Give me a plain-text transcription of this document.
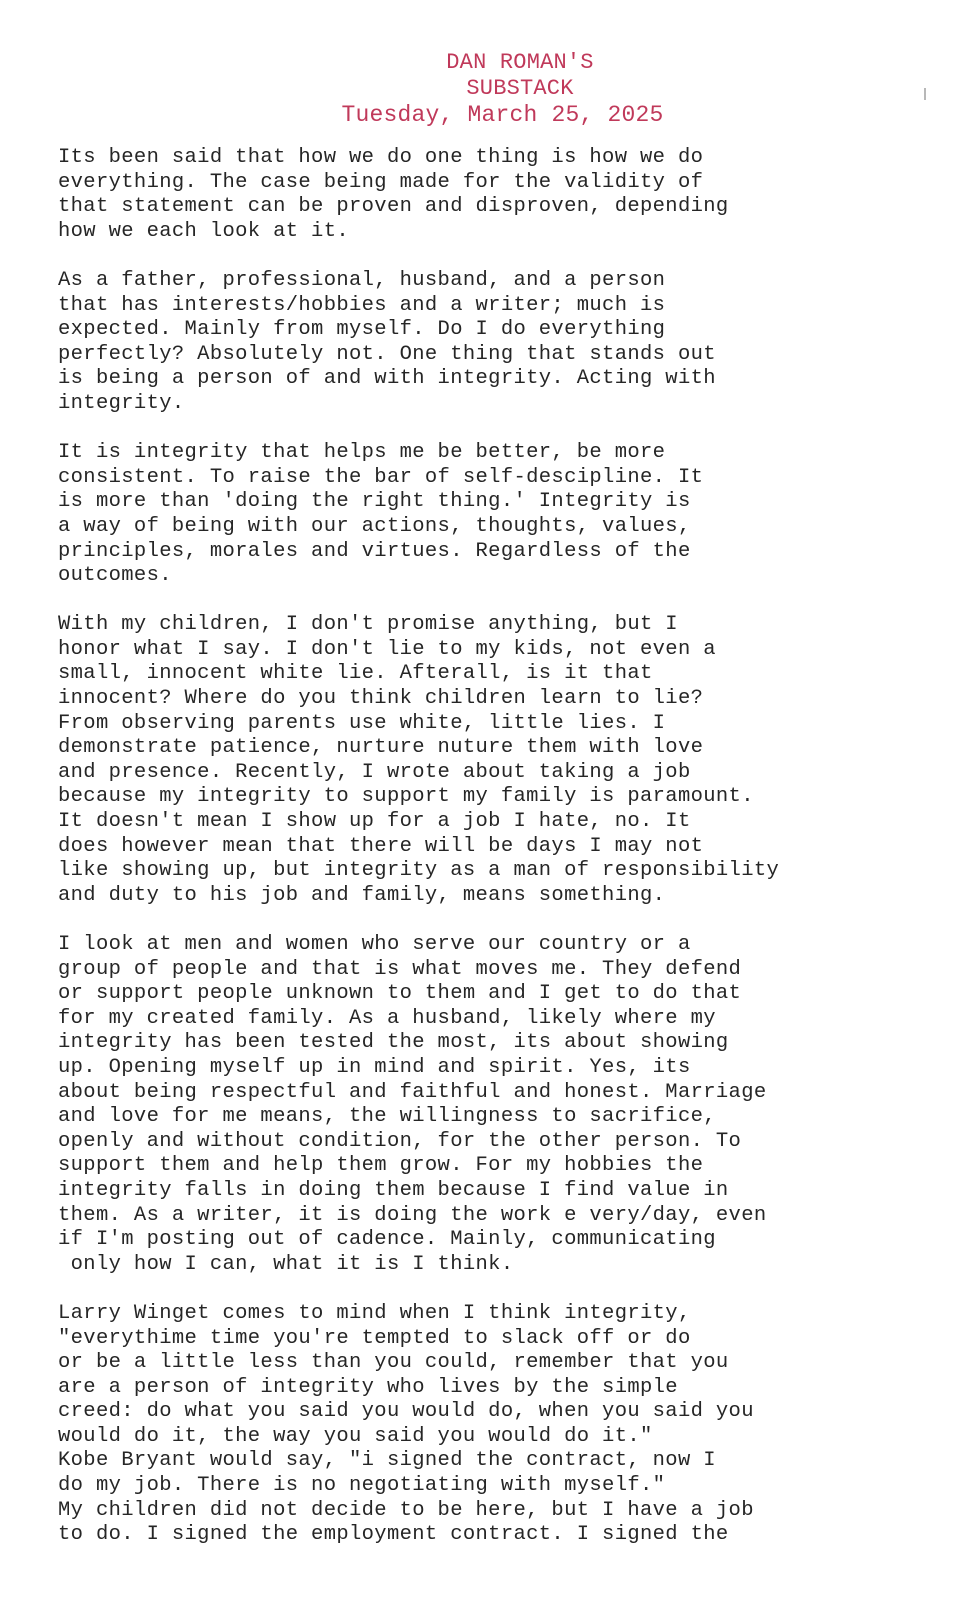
DAN ROMAN'S
SUBSTACK
Tuesday, March 25, 2025
Its been said that how we do one thing is how we do
everything. The case being made for the validity of
that statement can be proven and disproven, depending
how we each look at it.
As a father, professional, husband, and a person
that has interests/hobbies and a writer; much is
expected. Mainly from myself. Do I do everything
perfectly? Absolutely not. One thing that stands out
is being a person of and with integrity. Acting with
integrity.
It is integrity that helps me be better, be more
consistent. To raise the bar of self-descipline. It
is more than 'doing the right thing.' Integrity is
a way of being with our actions, thoughts, values,
principles, morales and virtues. Regardless of the
outcomes.
With my children, I don't promise anything, but I
honor what I say. I don't lie to my kids, not even a
small, innocent white lie. Afterall, is it that
innocent? Where do you think children learn to lie?
From observing parents use white, little lies. I
demonstrate patience, nurture nuture them with love
and presence. Recently, I wrote about taking a job
because my integrity to support my family is paramount.
It doesn't mean I show up for a job I hate, no. It
does however mean that there will be days I may not
like showing up, but integrity as a man of responsibility
and duty to his job and family, means something.
I look at men and women who serve our country or a
group of people and that is what moves me. They defend
or support people unknown to them and I get to do that
for my created family. As a husband, likely where my
integrity has been tested the most, its about showing
up. Opening myself up in mind and spirit. Yes, its
about being respectful and faithful and honest. Marriage
and love for me means, the willingness to sacrifice,
openly and without condition, for the other person. To
support them and help them grow. For my hobbies the
integrity falls in doing them because I find value in
them. As a writer, it is doing the work e very/day, even
if I'm posting out of cadence. Mainly, communicating
only how I can, what it is I think.
Larry Winget comes to mind when I think integrity,
"everythime time you're tempted to slack off or do
or be a little less than you could, remember that you
are a person of integrity who lives by the simple
creed: do what you said you would do, when you said you
would do it, the way you said you would do it."
Kobe Bryant would say, "i signed the contract, now I
do my job. There is no negotiating with myself."
My children did not decide to be here, but I have a job
to do. I signed the employment contract. I signed the
